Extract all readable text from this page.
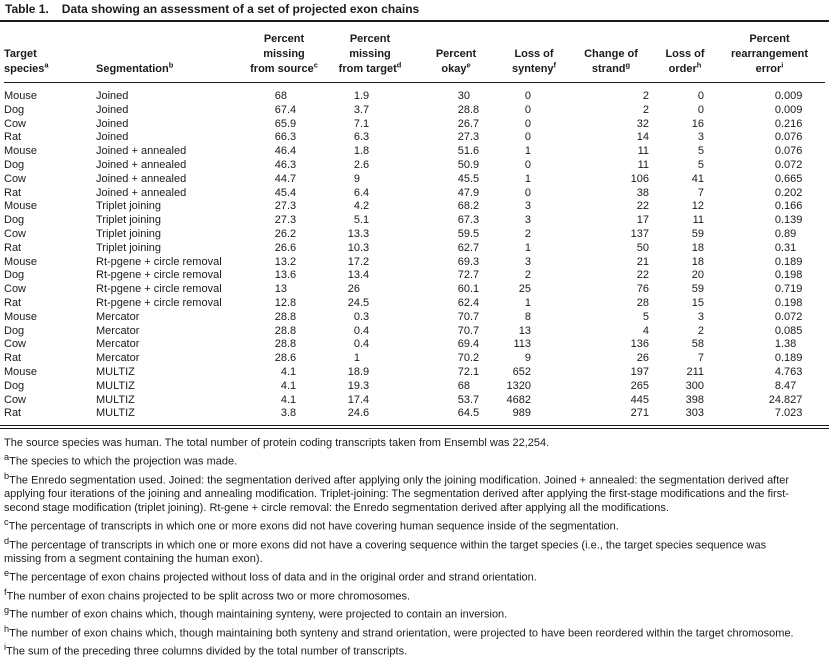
Table 1. Data showing an assessment of a set of projected exon chains
Target
species$^a$	Segmentation$^b$	Percent
missing
from source$^c$	Percent
missing
from target$^d$	Percent
okay$^e$	Loss of
synteny$^f$	Change of
strand$^g$	Loss of
order$^h$	Percent
rearrangement
error$^i$
Mouse	Joined	68	1.9	30	0	2	0	0.009
Dog	Joined	67.4	3.7	28.8	0	2	0	0.009
Cow	Joined	65.9	7.1	26.7	0	32	16	0.216
Rat	Joined	66.3	6.3	27.3	0	14	3	0.076
Mouse	Joined + annealed	46.4	1.8	51.6	1	11	5	0.076
Dog	Joined + annealed	46.3	2.6	50.9	0	11	5	0.072
Cow	Joined + annealed	44.7	9	45.5	1	106	41	0.665
Rat	Joined + annealed	45.4	6.4	47.9	0	38	7	0.202
Mouse	Triplet joining	27.3	4.2	68.2	3	22	12	0.166
Dog	Triplet joining	27.3	5.1	67.3	3	17	11	0.139
Cow	Triplet joining	26.2	13.3	59.5	2	137	59	0.89
Rat	Triplet joining	26.6	10.3	62.7	1	50	18	0.31
Mouse	Rt-pgene + circle removal	13.2	17.2	69.3	3	21	18	0.189
Dog	Rt-pgene + circle removal	13.6	13.4	72.7	2	22	20	0.198
Cow	Rt-pgene + circle removal	13	26	60.1	25	76	59	0.719
Rat	Rt-pgene + circle removal	12.8	24.5	62.4	1	28	15	0.198
Mouse	Mercator	28.8	0.3	70.7	8	5	3	0.072
Dog	Mercator	28.8	0.4	70.7	13	4	2	0.085
Cow	Mercator	28.8	0.4	69.4	113	136	58	1.38
Rat	Mercator	28.6	1	70.2	9	26	7	0.189
Mouse	MULTIZ	4.1	18.9	72.1	652	197	211	4.763
Dog	MULTIZ	4.1	19.3	68	1320	265	300	8.47
Cow	MULTIZ	4.1	17.4	53.7	4682	445	398	24.827
Rat	MULTIZ	3.8	24.6	64.5	989	271	303	7.023
The source species was human. The total number of protein coding transcripts taken from Ensembl was 22,254.
$^a$The species to which the projection was made.
$^b$The Enredo segmentation used. Joined: the segmentation derived after applying only the joining modification. Joined + annealed: the segmentation derived after applying four iterations of the joining and annealing modification. Triplet-joining: The segmentation derived after applying the first-stage modifications and the first-second stage modification (triplet joining). Rt-gene + circle removal: the Enredo segmentation derived after applying all the modifications.
$^c$The percentage of transcripts in which one or more exons did not have covering human sequence inside of the segmentation.
$^d$The percentage of transcripts in which one or more exons did not have a covering sequence within the target species (i.e., the target species sequence was missing from a segment containing the human exon).
$^e$The percentage of exon chains projected without loss of data and in the original order and strand orientation.
$^f$The number of exon chains projected to be split across two or more chromosomes.
$^g$The number of exon chains which, though maintaining synteny, were projected to contain an inversion.
$^h$The number of exon chains which, though maintaining both synteny and strand orientation, were projected to have been reordered within the target chromosome.
$^i$The sum of the preceding three columns divided by the total number of transcripts.
